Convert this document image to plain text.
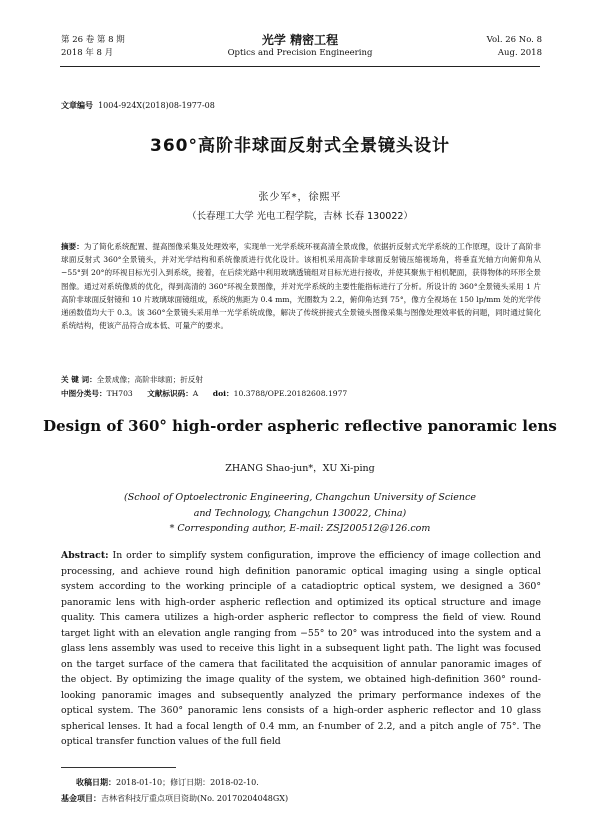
第 26 卷 第 8 期
2018 年 8 月
光学 精密工程
Optics and Precision Engineering
Vol. 26 No. 8
Aug. 2018
文章编号 1004-924X(2018)08-1977-08
360°高阶非球面反射式全景镜头设计
张少军*，徐熙平
（长春理工大学 光电工程学院，吉林 长春 130022）
摘要：为了简化系统配置、提高图像采集及处理效率，实现单一光学系统环视高清全景成像，依据折反射式光学系统的工作原理，设计了高阶非球面反射式 360°全景镜头，并对光学结构和系统像质进行优化设计。该相机采用高阶非球面反射镜压缩视场角，将垂直光轴方向俯仰角从 −55°到 20°的环视目标光引入到系统，接着，在后续光路中利用玻璃透镜组对目标光进行接收，并使其聚焦于相机靶面，获得物体的环形全景图像。通过对系统像质的优化，得到高清的 360°环视全景图像，并对光学系统的主要性能指标进行了分析。所设计的 360°全景镜头采用 1 片高阶非球面反射镜和 10 片玻璃球面镜组成，系统的焦距为 0.4 mm，光圈数为 2.2，俯仰角达到 75°，像方全视场在 150 lp/mm 处的光学传递函数值均大于 0.3。该 360°全景镜头采用单一光学系统成像，解决了传统拼接式全景镜头图像采集与图像处理效率低的问题，同时通过简化系统结构，使该产品符合成本低、可量产的要求。
关 键 词：全景成像；高阶非球面；折反射
中图分类号：TH703 文献标识码：A doi：10.3788/OPE.20182608.1977
Design of 360° high-order aspheric reflective panoramic lens
ZHANG Shao-jun*，XU Xi-ping
(School of Optoelectronic Engineering, Changchun University of Science
and Technology, Changchun 130022, China)
* Corresponding author, E-mail: ZSJ200512@126.com
Abstract: In order to simplify system configuration, improve the efficiency of image collection and processing, and achieve round high definition panoramic optical imaging using a single optical system according to the working principle of a catadioptric optical system, we designed a 360° panoramic lens with high-order aspheric reflection and optimized its optical structure and image quality. This camera utilizes a high-order aspheric reflector to compress the field of view. Round target light with an elevation angle ranging from −55° to 20° was introduced into the system and a glass lens assembly was used to receive this light in a subsequent light path. The light was focused on the target surface of the camera that facilitated the acquisition of annular panoramic images of the object. By optimizing the image quality of the system, we obtained high-definition 360° round-looking panoramic images and subsequently analyzed the primary performance indexes of the optical system. The 360° panoramic lens consists of a high-order aspheric reflector and 10 glass spherical lenses. It had a focal length of 0.4 mm, an f-number of 2.2, and a pitch angle of 75°. The optical transfer function values of the full field
收稿日期：2018-01-10；修订日期：2018-02-10.
基金项目：吉林省科技厅重点项目资助(No. 20170204048GX)
